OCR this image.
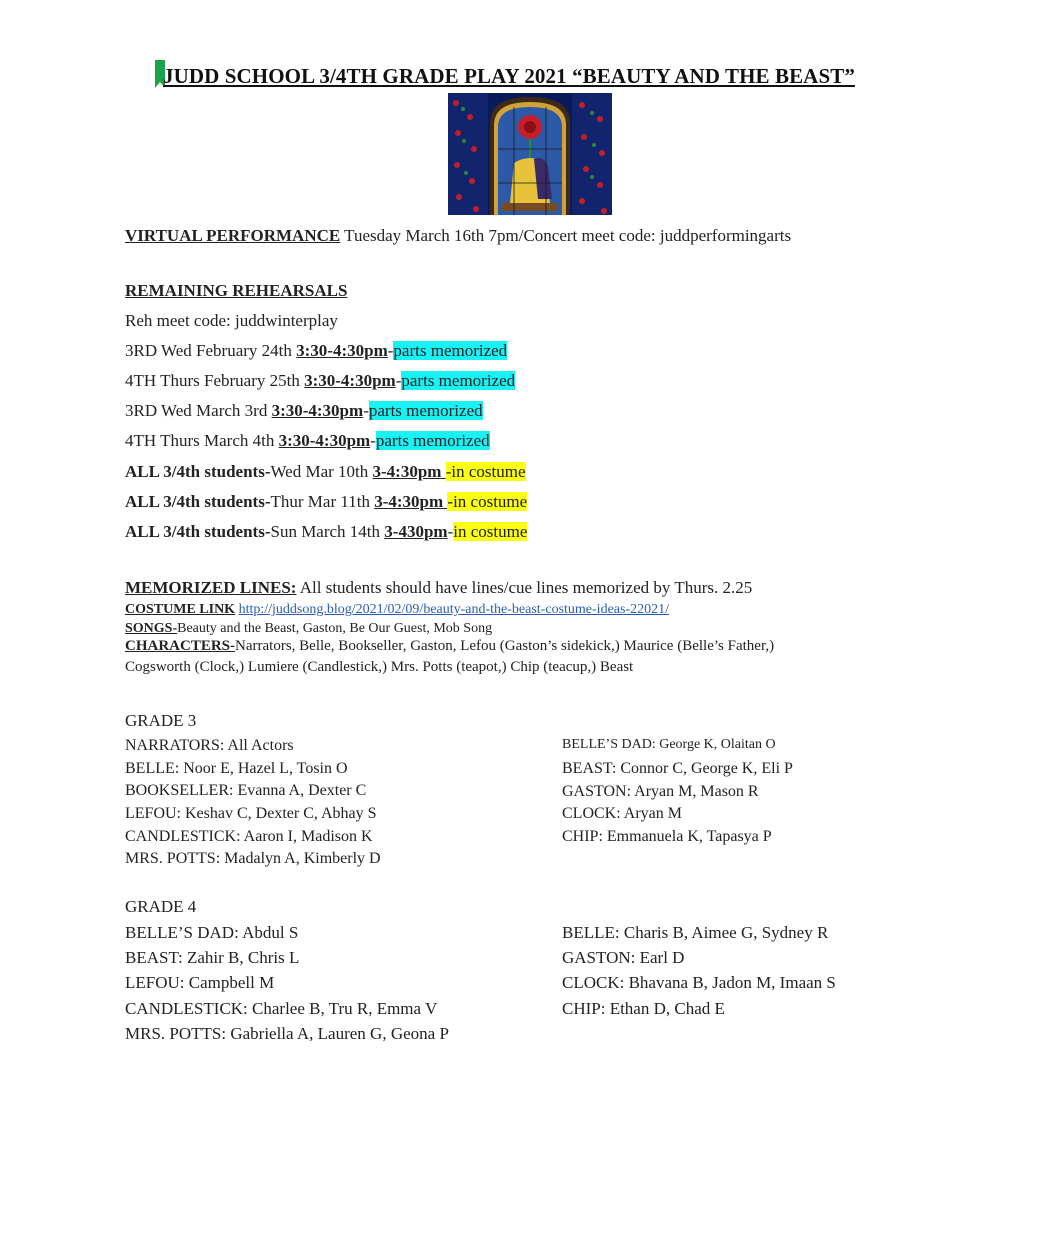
JUDD SCHOOL 3/4TH GRADE PLAY 2021 “BEAUTY AND THE BEAST”
VIRTUAL PERFORMANCE Tuesday March 16th 7pm/Concert meet code: juddperformingarts
REMAINING REHEARSALS
Reh meet code: juddwinterplay
3RD Wed February 24th 3:30-4:30pm-parts memorized
4TH Thurs February 25th 3:30-4:30pm-parts memorized
3RD Wed March 3rd 3:30-4:30pm-parts memorized
4TH Thurs March 4th 3:30-4:30pm-parts memorized
ALL 3/4th students-Wed Mar 10th 3-4:30pm -in costume
ALL 3/4th students-Thur Mar 11th 3-4:30pm -in costume
ALL 3/4th students-Sun March 14th 3-430pm-in costume
MEMORIZED LINES: All students should have lines/cue lines memorized by Thurs. 2.25
COSTUME LINK http://juddsong.blog/2021/02/09/beauty-and-the-beast-costume-ideas-22021/
SONGS-Beauty and the Beast, Gaston, Be Our Guest, Mob Song
CHARACTERS-Narrators, Belle, Bookseller, Gaston, Lefou (Gaston’s sidekick,) Maurice (Belle’s Father,)
Cogsworth (Clock,) Lumiere (Candlestick,) Mrs. Potts (teapot,) Chip (teacup,) Beast
GRADE 3
NARRATORS: All Actors
BELLE: Noor E, Hazel L, Tosin O
BOOKSELLER: Evanna A, Dexter C
LEFOU: Keshav C, Dexter C, Abhay S
CANDLESTICK: Aaron I, Madison K
MRS. POTTS: Madalyn A, Kimberly D
BELLE’S DAD: George K, Olaitan O
BEAST: Connor C, George K, Eli P
GASTON: Aryan M, Mason R
CLOCK: Aryan M
CHIP: Emmanuela K, Tapasya P
GRADE 4
BELLE’S DAD: Abdul S
BEAST: Zahir B, Chris L
LEFOU: Campbell M
CANDLESTICK: Charlee B, Tru R, Emma V
MRS. POTTS: Gabriella A, Lauren G, Geona P
BELLE: Charis B, Aimee G, Sydney R
GASTON: Earl D
CLOCK: Bhavana B, Jadon M, Imaan S
CHIP: Ethan D, Chad E
